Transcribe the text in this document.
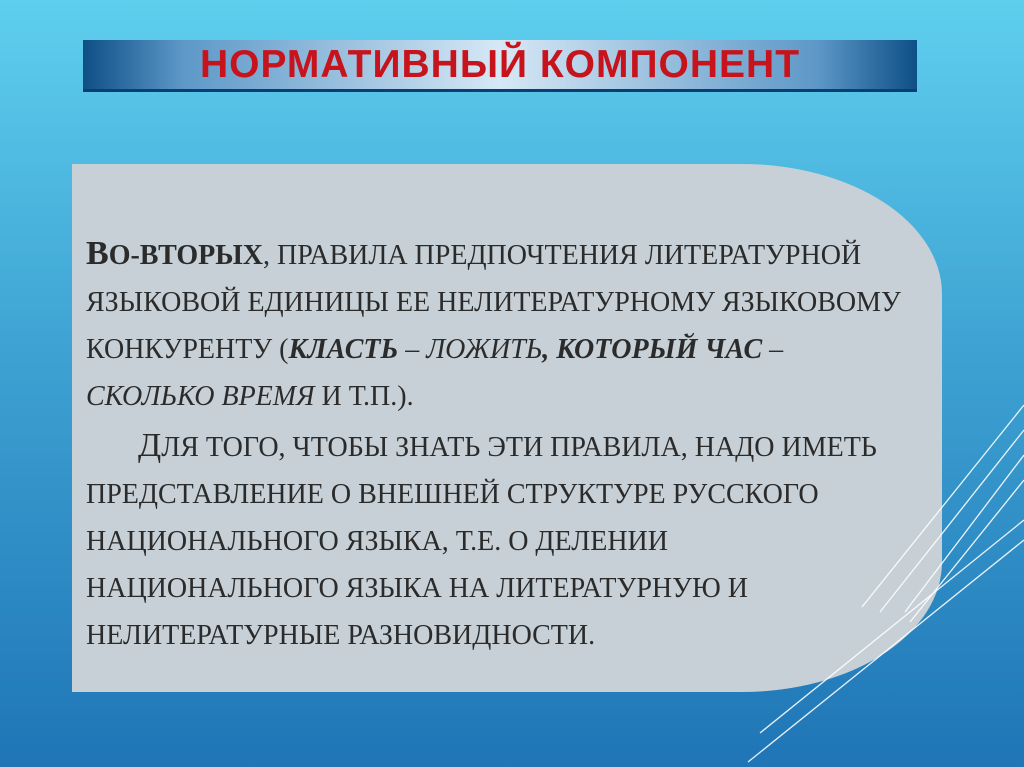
НОРМАТИВНЫЙ КОМПОНЕНТ

ВО-ВТОРЫХ, ПРАВИЛА ПРЕДПОЧТЕНИЯ ЛИТЕРАТУРНОЙ ЯЗЫКОВОЙ ЕДИНИЦЫ ЕЕ НЕЛИТЕРАТУРНОМУ ЯЗЫКОВОМУ КОНКУРЕНТУ (КЛАСТЬ – ЛОЖИТЬ, КОТОРЫЙ ЧАС – СКОЛЬКО ВРЕМЯ И Т.П.).

ДЛЯ ТОГО, ЧТОБЫ ЗНАТЬ ЭТИ ПРАВИЛА, НАДО ИМЕТЬ ПРЕДСТАВЛЕНИЕ О ВНЕШНЕЙ СТРУКТУРЕ РУССКОГО НАЦИОНАЛЬНОГО ЯЗЫКА, Т.Е. О ДЕЛЕНИИ НАЦИОНАЛЬНОГО ЯЗЫКА НА ЛИТЕРАТУРНУЮ И НЕЛИТЕРАТУРНЫЕ РАЗНОВИДНОСТИ.
